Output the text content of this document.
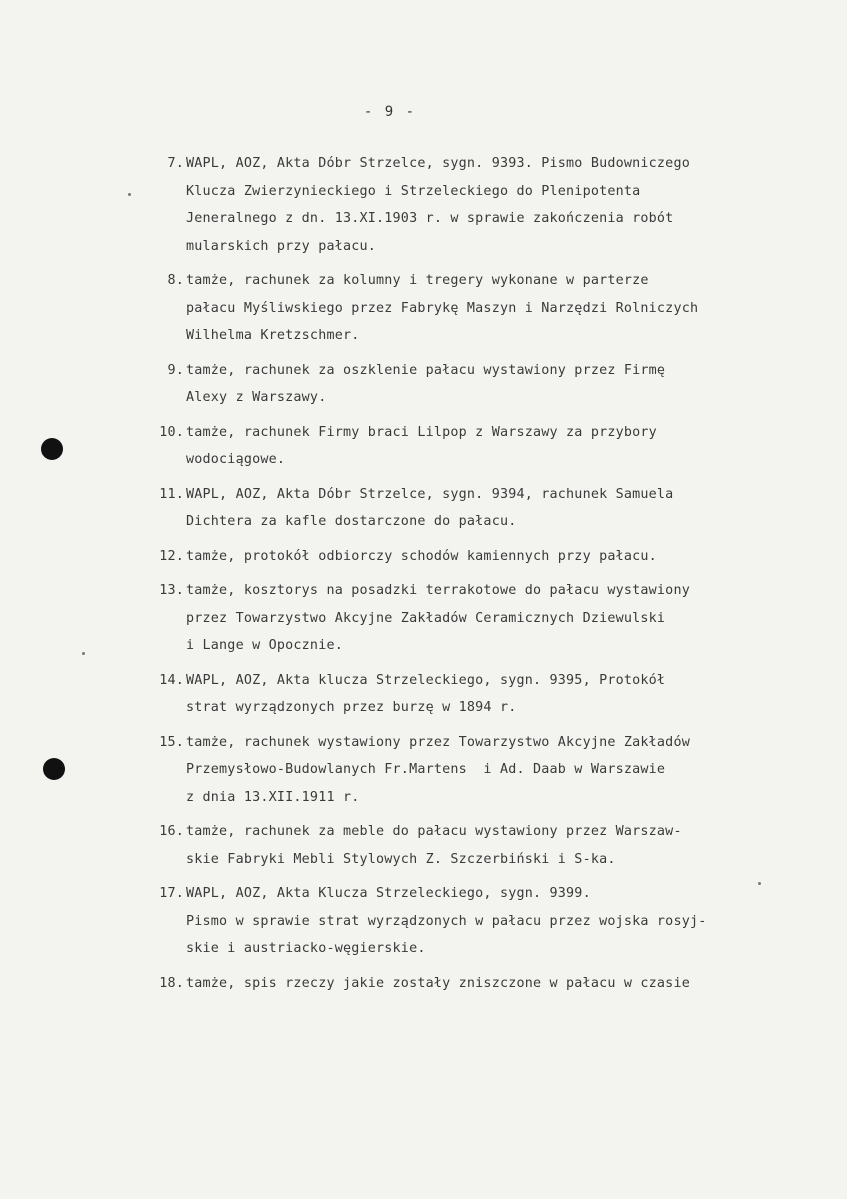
- 9 -
7. WAPL, AOZ, Akta Dóbr Strzelce, sygn. 9393. Pismo Budowniczego
Klucza Zwierzynieckiego i Strzeleckiego do Plenipotenta
Jeneralnego z dn. 13.XI.1903 r. w sprawie zakończenia robót
mularskich przy pałacu.
8. tamże, rachunek za kolumny i tregery wykonane w parterze
pałacu Myśliwskiego przez Fabrykę Maszyn i Narzędzi Rolniczych
Wilhelma Kretzschmer.
9. tamże, rachunek za oszklenie pałacu wystawiony przez Firmę
Alexy z Warszawy.
10. tamże, rachunek Firmy braci Lilpop z Warszawy za przybory
wodociągowe.
11. WAPL, AOZ, Akta Dóbr Strzelce, sygn. 9394, rachunek Samuela
Dichtera za kafle dostarczone do pałacu.
12. tamże, protokół odbiorczy schodów kamiennych przy pałacu.
13. tamże, kosztorys na posadzki terrakotowe do pałacu wystawiony
przez Towarzystwo Akcyjne Zakładów Ceramicznych Dziewulski
i Lange w Opocznie.
14. WAPL, AOZ, Akta klucza Strzeleckiego, sygn. 9395, Protokół
strat wyrządzonych przez burzę w 1894 r.
15. tamże, rachunek wystawiony przez Towarzystwo Akcyjne Zakładów
Przemysłowo-Budowlanych Fr.Martens  i Ad. Daab w Warszawie
z dnia 13.XII.1911 r.
16. tamże, rachunek za meble do pałacu wystawiony przez Warszaw-
skie Fabryki Mebli Stylowych Z. Szczerbiński i S-ka.
17. WAPL, AOZ, Akta Klucza Strzeleckiego, sygn. 9399.
Pismo w sprawie strat wyrządzonych w pałacu przez wojska rosyj-
skie i austriacko-węgierskie.
18. tamże, spis rzeczy jakie zostały zniszczone w pałacu w czasie
